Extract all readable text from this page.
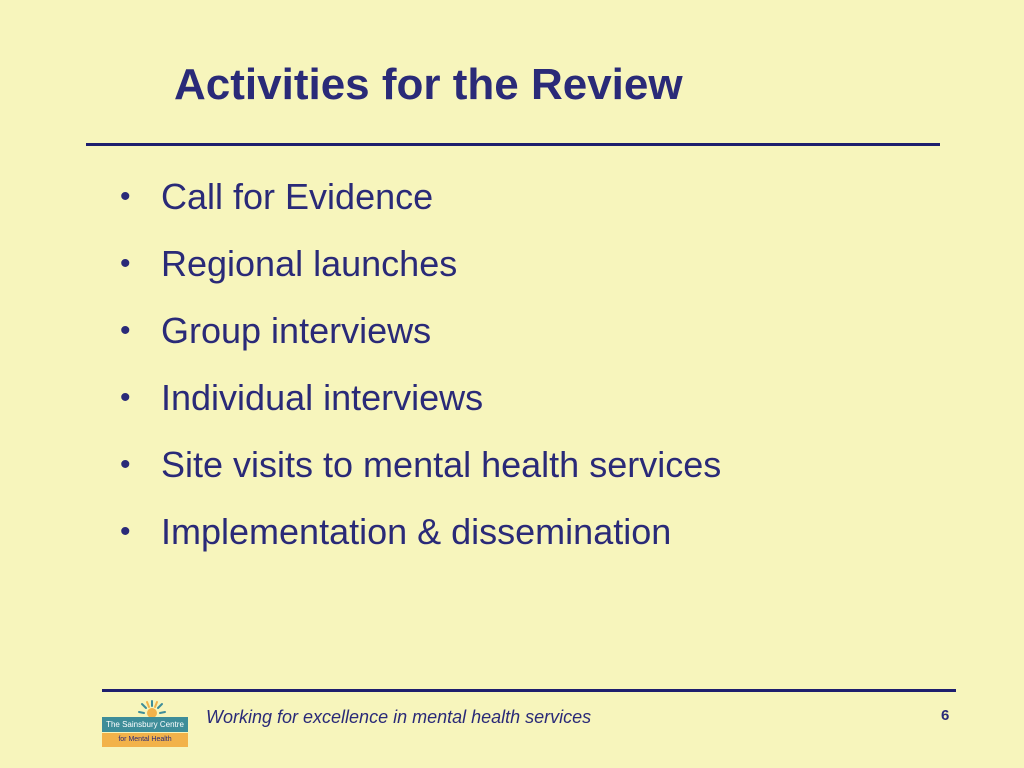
Activities for the Review
• Call for Evidence
• Regional launches
• Group interviews
• Individual interviews
• Site visits to mental health services
• Implementation & dissemination
The Sainsbury Centre
for Mental Health
Working for excellence in mental health services	6
